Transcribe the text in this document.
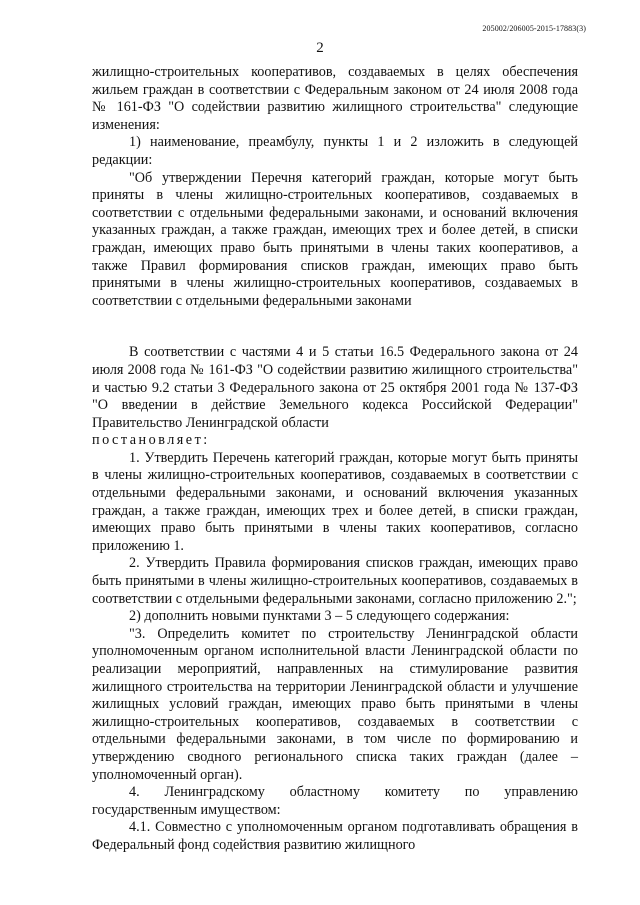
205002/206005-2015-17883(3)
2

жилищно-строительных кооперативов, создаваемых в целях обеспечения жильем граждан в соответствии с Федеральным законом от 24 июля 2008 года № 161-ФЗ "О содействии развитию жилищного строительства" следующие изменения:

1) наименование, преамбулу, пункты 1 и 2 изложить в следующей редакции:

"Об утверждении Перечня категорий граждан, которые могут быть приняты в члены жилищно-строительных кооперативов, создаваемых в соответствии с отдельными федеральными законами, и оснований включения указанных граждан, а также граждан, имеющих трех и более детей, в списки граждан, имеющих право быть принятыми в члены таких кооперативов, а также Правил формирования списков граждан, имеющих право быть принятыми в члены жилищно-строительных кооперативов, создаваемых в соответствии с отдельными федеральными законами

В соответствии с частями 4 и 5 статьи 16.5 Федерального закона от 24 июля 2008 года № 161-ФЗ "О содействии развитию жилищного строительства" и частью 9.2 статьи 3 Федерального закона от 25 октября 2001 года № 137-ФЗ "О введении в действие Земельного кодекса Российской Федерации" Правительство Ленинградской области

постановляет:

1. Утвердить Перечень категорий граждан, которые могут быть приняты в члены жилищно-строительных кооперативов, создаваемых в соответствии с отдельными федеральными законами, и оснований включения указанных граждан, а также граждан, имеющих трех и более детей, в списки граждан, имеющих право быть принятыми в члены таких кооперативов, согласно приложению 1.

2. Утвердить Правила формирования списков граждан, имеющих право быть принятыми в члены жилищно-строительных кооперативов, создаваемых в соответствии с отдельными федеральными законами, согласно приложению 2.";

2) дополнить новыми пунктами 3 – 5 следующего содержания:

"3. Определить комитет по строительству Ленинградской области уполномоченным органом исполнительной власти Ленинградской области по реализации мероприятий, направленных на стимулирование развития жилищного строительства на территории Ленинградской области и улучшение жилищных условий граждан, имеющих право быть принятыми в члены жилищно-строительных кооперативов, создаваемых в соответствии с отдельными федеральными законами, в том числе по формированию и утверждению сводного регионального списка таких граждан (далее – уполномоченный орган).

4. Ленинградскому областному комитету по управлению государственным имуществом:

4.1. Совместно с уполномоченным органом подготавливать обращения в Федеральный фонд содействия развитию жилищного
